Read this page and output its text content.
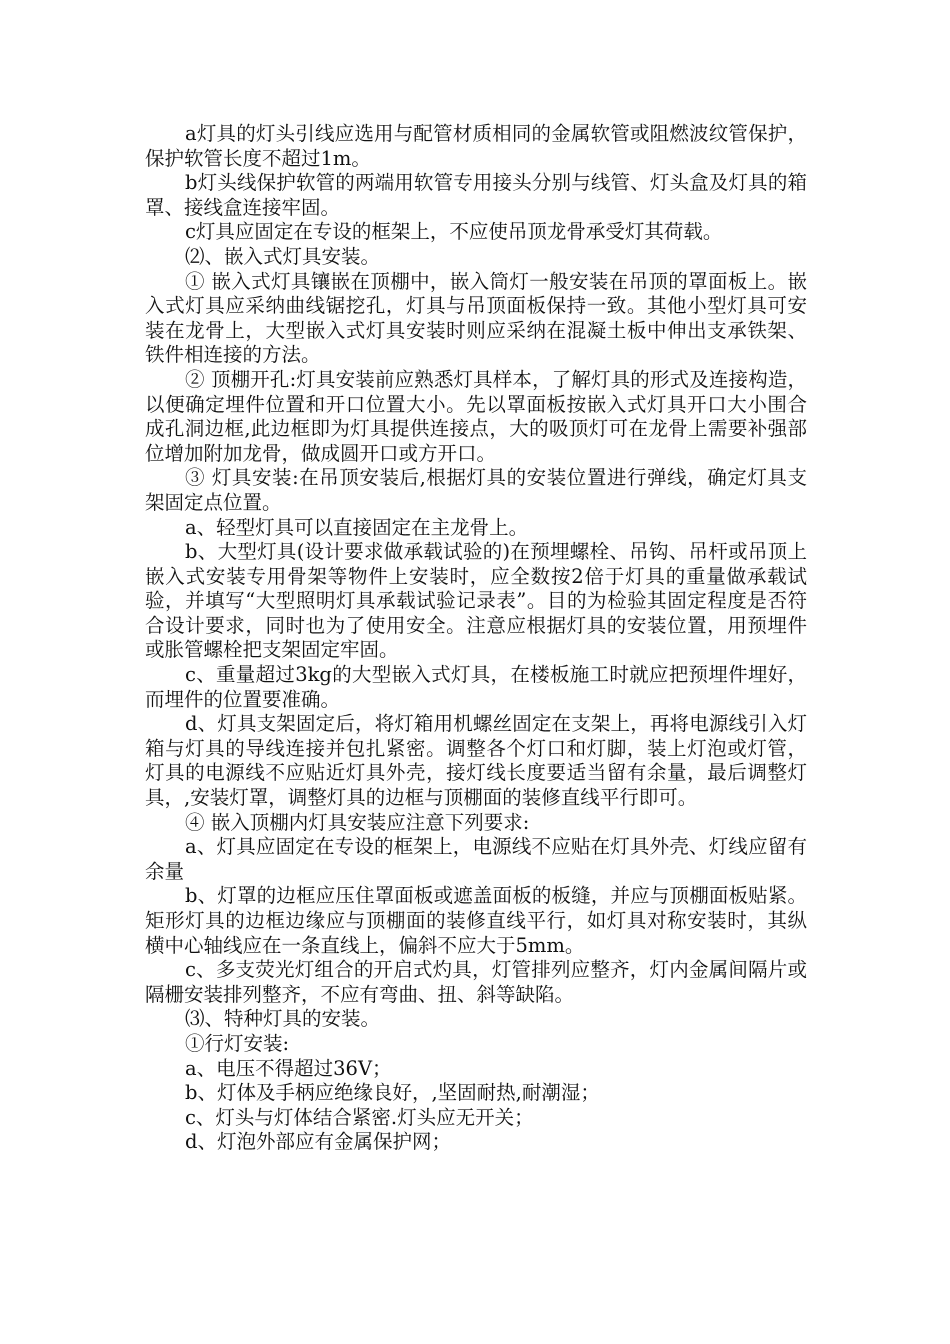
a灯具的灯头引线应选用与配管材质相同的金属软管或阻燃波纹管保护，保护软管长度不超过1m。

b灯头线保护软管的两端用软管专用接头分别与线管、灯头盒及灯具的箱罩、接线盒连接牢固。

c灯具应固定在专设的框架上，不应使吊顶龙骨承受灯其荷载。

⑵、嵌入式灯具安装。

① 嵌入式灯具镶嵌在顶棚中，嵌入筒灯一般安装在吊顶的罩面板上。嵌入式灯具应采纳曲线锯挖孔，灯具与吊顶面板保持一致。其他小型灯具可安装在龙骨上，大型嵌入式灯具安装时则应采纳在混凝土板中伸出支承铁架、铁件相连接的方法。

② 顶棚开孔:灯具安装前应熟悉灯具样本，了解灯具的形式及连接构造，以便确定埋件位置和开口位置大小。先以罩面板按嵌入式灯具开口大小围合成孔洞边框,此边框即为灯具提供连接点，大的吸顶灯可在龙骨上需要补强部位增加附加龙骨，做成圆开口或方开口。

③ 灯具安装:在吊顶安装后,根据灯具的安装位置进行弹线，确定灯具支架固定点位置。

a、轻型灯具可以直接固定在主龙骨上。

b、大型灯具(设计要求做承载试验的)在预埋螺栓、吊钩、吊杆或吊顶上嵌入式安装专用骨架等物件上安装时，应全数按2倍于灯具的重量做承载试验，并填写“大型照明灯具承载试验记录表”。目的为检验其固定程度是否符合设计要求，同时也为了使用安全。注意应根据灯具的安装位置，用预埋件或胀管螺栓把支架固定牢固。

c、重量超过3kg的大型嵌入式灯具，在楼板施工时就应把预埋件埋好，而埋件的位置要准确。

d、灯具支架固定后，将灯箱用机螺丝固定在支架上，再将电源线引入灯箱与灯具的导线连接并包扎紧密。调整各个灯口和灯脚，装上灯泡或灯管，灯具的电源线不应贴近灯具外壳，接灯线长度要适当留有余量，最后调整灯具，,安装灯罩，调整灯具的边框与顶棚面的装修直线平行即可。

④ 嵌入顶棚内灯具安装应注意下列要求:

a、灯具应固定在专设的框架上，电源线不应贴在灯具外壳、灯线应留有余量

b、灯罩的边框应压住罩面板或遮盖面板的板缝，并应与顶棚面板贴紧。矩形灯具的边框边缘应与顶棚面的装修直线平行，如灯具对称安装时，其纵横中心轴线应在一条直线上，偏斜不应大于5mm。

c、多支荧光灯组合的开启式灼具，灯管排列应整齐，灯内金属间隔片或隔栅安装排列整齐，不应有弯曲、扭、斜等缺陷。

⑶、特种灯具的安装。

①行灯安装:

a、电压不得超过36V；

b、灯体及手柄应绝缘良好，,坚固耐热,耐潮湿；

c、灯头与灯体结合紧密.灯头应无开关；

d、灯泡外部应有金属保护网；
